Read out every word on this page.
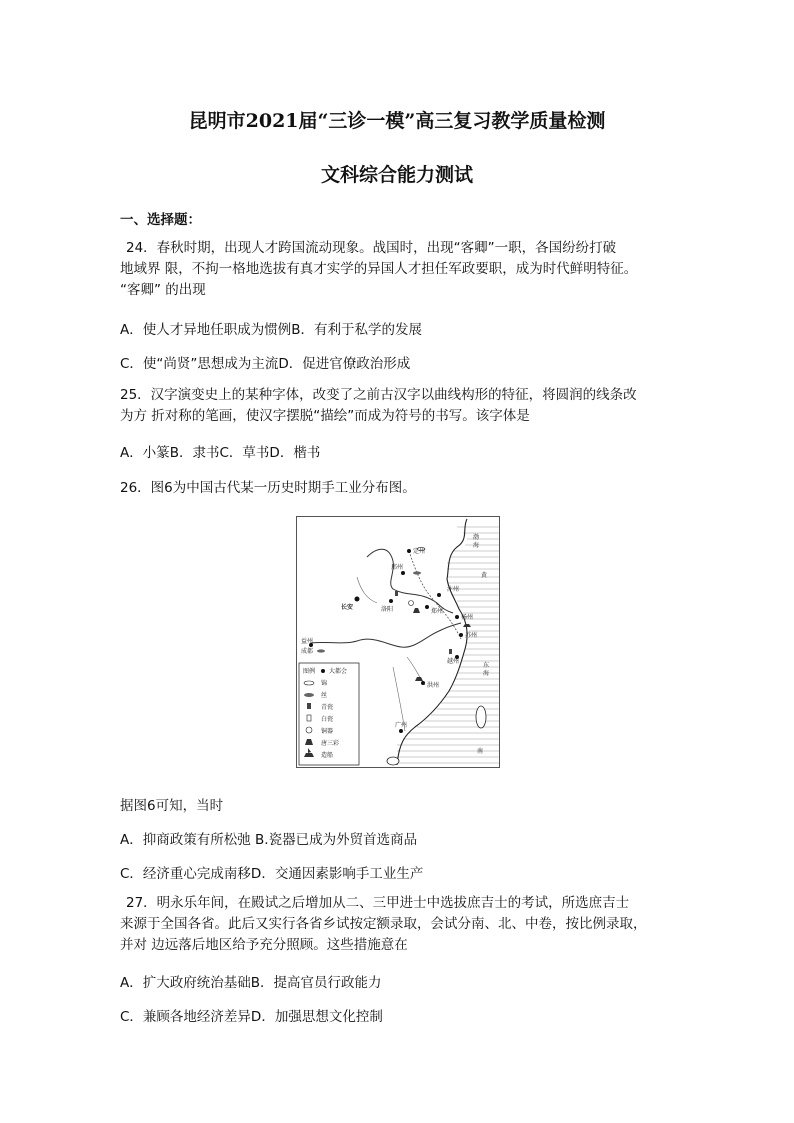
昆明市2021届“三诊一模”高三复习教学质量检测
文科综合能力测试
一、选择题：
24．春秋时期，出现人才跨国流动现象。战国时，出现“客卿”一职，各国纷纷打破
地域界 限，不拘一格地选拔有真才实学的异国人才担任军政要职，成为时代鲜明特征。
“客卿” 的出现
A．使人才异地任职成为惯例B．有利于私学的发展
C．使“尚贤”思想成为主流D．促进官僚政治形成
25．汉字演变史上的某种字体，改变了之前古汉字以曲线构形的特征，将圆润的线条改
为方 折对称的笔画，使汉字摆脱“描绘”而成为符号的书写。该字体是
A．小篆B．隶书C．草书D．楷书
26．图6为中国古代某一历史时期手工业分布图。
定州
邢州
汴州
长安	洛阳	郑州
扬州
苏州
越州
洪州
益州
成都
广州
渤
海
黄
东
海
南
图例 大都会
锦
丝
青瓷
白瓷
铜器
唐三彩
造船
据图6可知，当时
A．抑商政策有所松弛 B.瓷器已成为外贸首选商品
C．经济重心完成南移D．交通因素影响手工业生产
27．明永乐年间，在殿试之后增加从二、三甲进士中选拔庶吉士的考试，所选庶吉士
来源于全国各省。此后又实行各省乡试按定额录取，会试分南、北、中卷，按比例录取，
并对 边远落后地区给予充分照顾。这些措施意在
A．扩大政府统治基础B．提高官员行政能力
C．兼顾各地经济差异D．加强思想文化控制
